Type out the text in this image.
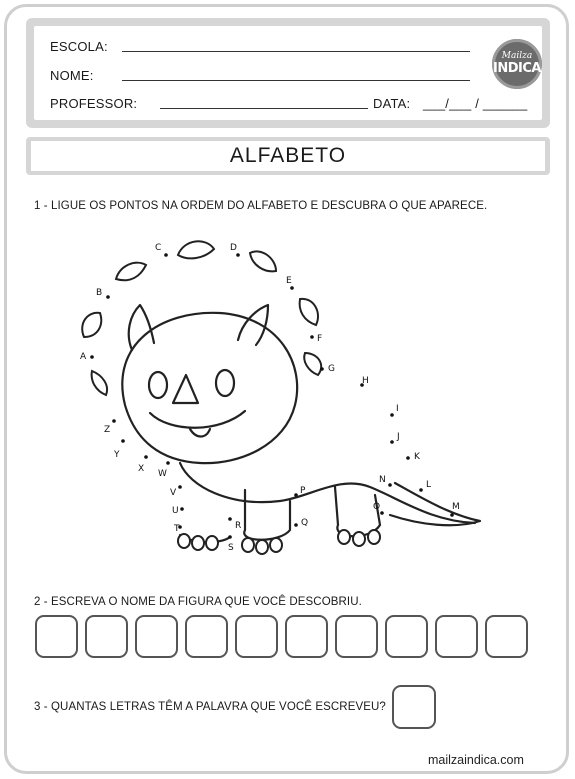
ESCOLA:
NOME:
PROFESSOR:	DATA: ___/___ / ______
Mailza
INDICA
ALFABETO
1 - LIGUE OS PONTOS NA ORDEM DO ALFABETO E DESCUBRA O QUE APARECE.
A
B
C	D
E
F
G
H
I
J
K
L
M
N
O
P
Q
R
S
T
U
V
W
X
Y
Z
2 - ESCREVA O NOME DA FIGURA QUE VOCÊ DESCOBRIU.
3 - QUANTAS LETRAS TÊM A PALAVRA QUE VOCÊ ESCREVEU?
mailzaindica.com
